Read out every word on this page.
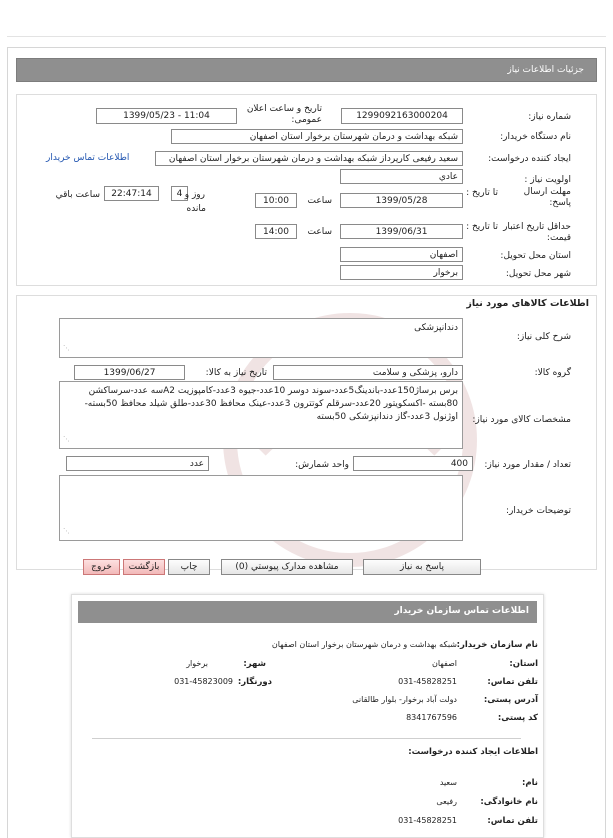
جزئیات اطلاعات نیاز
شماره نیاز:
1299092163000204
تاریخ و ساعت اعلان عمومی:
1399/05/23 - 11:04
نام دستگاه خریدار:
شبکه بهداشت و درمان شهرستان برخوار استان اصفهان
ایجاد کننده درخواست:
سعید رفیعی کارپرداز شبکه بهداشت و درمان شهرستان برخوار استان اصفهان
اطلاعات تماس خریدار
اولویت نیاز :
عادي
مهلت ارسال پاسخ:
تا تاریخ :
1399/05/28
ساعت
10:00
4 روز و
22:47:14
ساعت باقي
مانده
حداقل تاریخ اعتبار قیمت:
تا تاریخ :
1399/06/31
ساعت
14:00
استان محل تحویل:
اصفهان
شهر محل تحویل:
برخوار
اطلاعات کالاهای مورد نیاز
شرح کلی نیاز:
دندانپزشکی
⋰
گروه کالا:
دارو، پزشکی و سلامت
تاریخ نیاز به کالا:
1399/06/27
مشخصات کالای مورد نیاز:
برس برساژ150عدد-باندینگ5عدد-سوند دوسر 10عدد-جیوه 3عدد-کامپوزیت A2سه عدد-سرساکشن 80بسته -اکسکویتور 20عدد-سرقلم کوتترون 3عدد-عینک محافظ 30عدد-طلق شیلد محافظ 50بسته-اوژنول 3عدد-گاز دندانپزشکی 50بسته
⋰
تعداد / مقدار مورد نیاز:
400
واحد شمارش:
عدد
توضیحات خریدار:
⋰
پاسخ به نیاز
مشاهده مدارک پیوستي (0)
چاپ
بازگشت
خروج
اطلاعات تماس سازمان خریدار
نام سازمان خریدار:
شبکه بهداشت و درمان شهرستان برخوار استان اصفهان
استان:
اصفهان
شهر:
برخوار
تلفن تماس:
031-45828251
دورنگار:
031-45823009
آدرس پستی:
دولت آباد برخوار- بلوار طالقانی
کد پستی:
8341767596
اطلاعات ایجاد کننده درخواست:
نام:
سعید
نام خانوادگی:
رفیعی
تلفن تماس:
031-45828251
